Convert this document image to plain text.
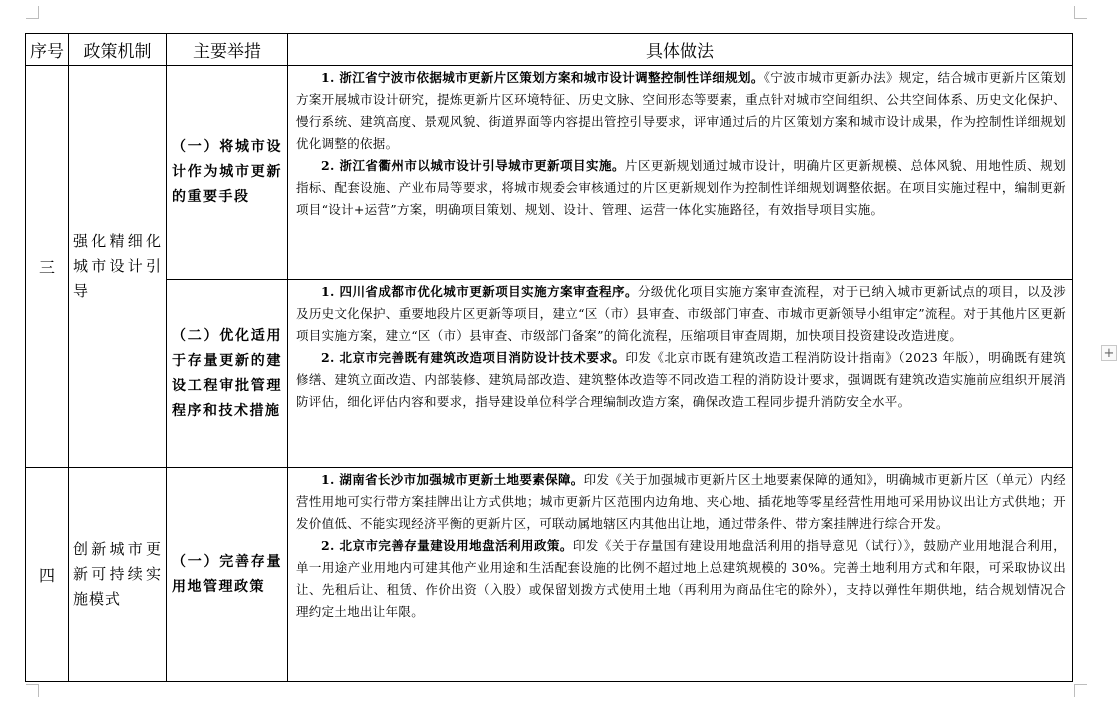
序号	政策机制	主要举措	具体做法
三	强化精细化城市设计引导	（一）将城市设计作为城市更新的重要手段	1. 浙江省宁波市依据城市更新片区策划方案和城市设计调整控制性详细规划。《宁波市城市更新办法》规定，结合城市更新片区策划方案开展城市设计研究，提炼更新片区环境特征、历史文脉、空间形态等要素，重点针对城市空间组织、公共空间体系、历史文化保护、慢行系统、建筑高度、景观风貌、街道界面等内容提出管控引导要求，评审通过后的片区策划方案和城市设计成果，作为控制性详细规划优化调整的依据。

2. 浙江省衢州市以城市设计引导城市更新项目实施。片区更新规划通过城市设计，明确片区更新规模、总体风貌、用地性质、规划指标、配套设施、产业布局等要求，将城市规委会审核通过的片区更新规划作为控制性详细规划调整依据。在项目实施过程中，编制更新项目“设计+运营”方案，明确项目策划、规划、设计、管理、运营一体化实施路径，有效指导项目实施。

		（二）优化适用于存量更新的建设工程审批管理程序和技术措施	1. 四川省成都市优化城市更新项目实施方案审查程序。分级优化项目实施方案审查流程，对于已纳入城市更新试点的项目，以及涉及历史文化保护、重要地段片区更新等项目，建立“区（市）县审查、市级部门审查、市城市更新领导小组审定”流程。对于其他片区更新项目实施方案，建立“区（市）县审查、市级部门备案”的简化流程，压缩项目审查周期，加快项目投资建设改造进度。

2. 北京市完善既有建筑改造项目消防设计技术要求。印发《北京市既有建筑改造工程消防设计指南》（2023 年版），明确既有建筑修缮、建筑立面改造、内部装修、建筑局部改造、建筑整体改造等不同改造工程的消防设计要求，强调既有建筑改造实施前应组织开展消防评估，细化评估内容和要求，指导建设单位科学合理编制改造方案，确保改造工程同步提升消防安全水平。

四	创新城市更新可持续实施模式	（一）完善存量用地管理政策	1. 湖南省长沙市加强城市更新土地要素保障。印发《关于加强城市更新片区土地要素保障的通知》，明确城市更新片区（单元）内经营性用地可实行带方案挂牌出让方式供地；城市更新片区范围内边角地、夹心地、插花地等零星经营性用地可采用协议出让方式供地；开发价值低、不能实现经济平衡的更新片区，可联动属地辖区内其他出让地，通过带条件、带方案挂牌进行综合开发。

2. 北京市完善存量建设用地盘活利用政策。印发《关于存量国有建设用地盘活利用的指导意见（试行）》，鼓励产业用地混合利用，单一用途产业用地内可建其他产业用途和生活配套设施的比例不超过地上总建筑规模的 30%。完善土地利用方式和年限，可采取协议出让、先租后让、租赁、作价出资（入股）或保留划拨方式使用土地（再利用为商品住宅的除外），支持以弹性年期供地，结合规划情况合理约定土地出让年限。

+
